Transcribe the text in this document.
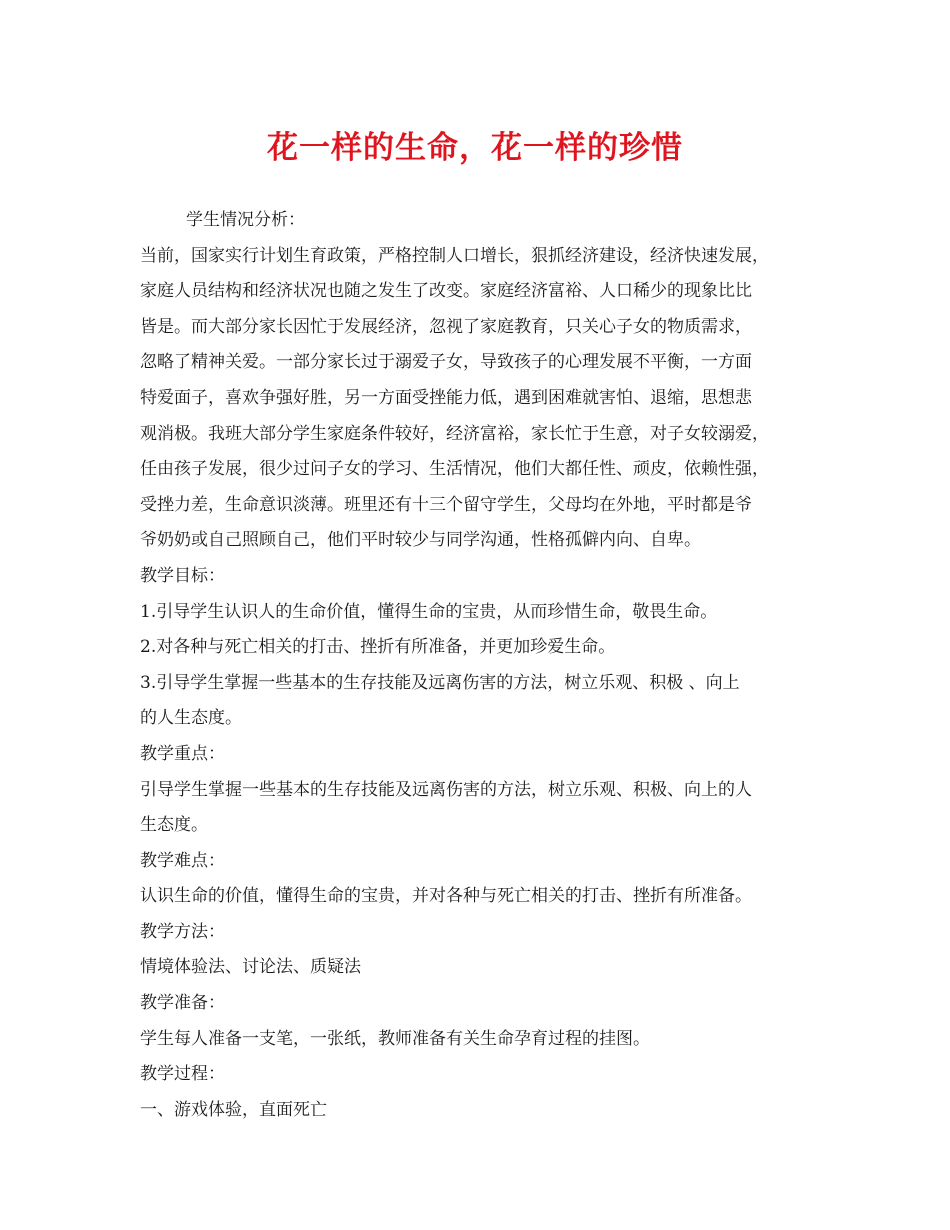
花一样的生命，花一样的珍惜
学生情况分析：
当前，国家实行计划生育政策，严格控制人口增长，狠抓经济建设，经济快速发展，
家庭人员结构和经济状况也随之发生了改变。家庭经济富裕、人口稀少的现象比比
皆是。而大部分家长因忙于发展经济，忽视了家庭教育，只关心子女的物质需求，
忽略了精神关爱。一部分家长过于溺爱子女，导致孩子的心理发展不平衡，一方面
特爱面子，喜欢争强好胜，另一方面受挫能力低，遇到困难就害怕、退缩，思想悲
观消极。我班大部分学生家庭条件较好，经济富裕，家长忙于生意，对子女较溺爱，
任由孩子发展，很少过问子女的学习、生活情况，他们大都任性、顽皮，依赖性强，
受挫力差，生命意识淡薄。班里还有十三个留守学生，父母均在外地，平时都是爷
爷奶奶或自己照顾自己，他们平时较少与同学沟通，性格孤僻内向、自卑。
教学目标：
1.引导学生认识人的生命价值，懂得生命的宝贵，从而珍惜生命，敬畏生命。
2.对各种与死亡相关的打击、挫折有所准备，并更加珍爱生命。
3.引导学生掌握一些基本的生存技能及远离伤害的方法，树立乐观、积极 、向上
的人生态度。
教学重点：
引导学生掌握一些基本的生存技能及远离伤害的方法，树立乐观、积极、向上的人
生态度。
教学难点：
认识生命的价值，懂得生命的宝贵，并对各种与死亡相关的打击、挫折有所准备。
教学方法：
情境体验法、讨论法、质疑法
教学准备：
学生每人准备一支笔，一张纸，教师准备有关生命孕育过程的挂图。
教学过程：
一、游戏体验，直面死亡
